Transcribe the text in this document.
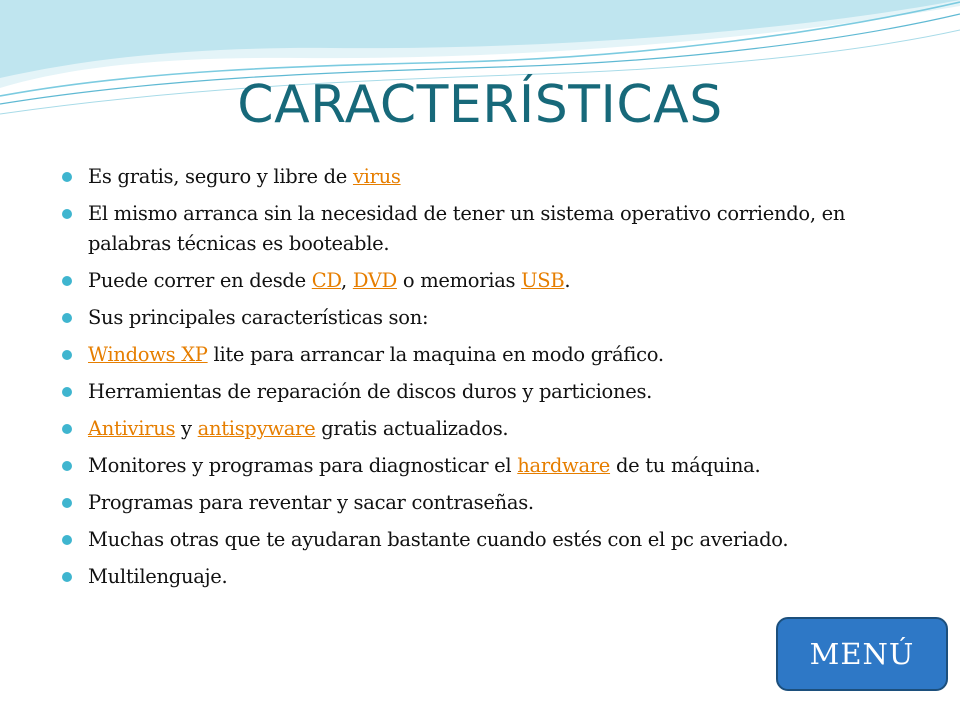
CARACTERÍSTICAS
Es gratis, seguro y libre de virus
El mismo arranca sin la necesidad de tener un sistema operativo corriendo, en palabras técnicas es booteable.
Puede correr en desde CD, DVD o memorias USB.
Sus principales características son:
Windows XP lite para arrancar la maquina en modo gráfico.
Herramientas de reparación de discos duros y particiones.
Antivirus y antispyware gratis actualizados.
Monitores y programas para diagnosticar el hardware de tu máquina.
Programas para reventar y sacar contraseñas.
Muchas otras que te ayudaran bastante cuando estés con el pc averiado.
Multilenguaje.
MENÚ
